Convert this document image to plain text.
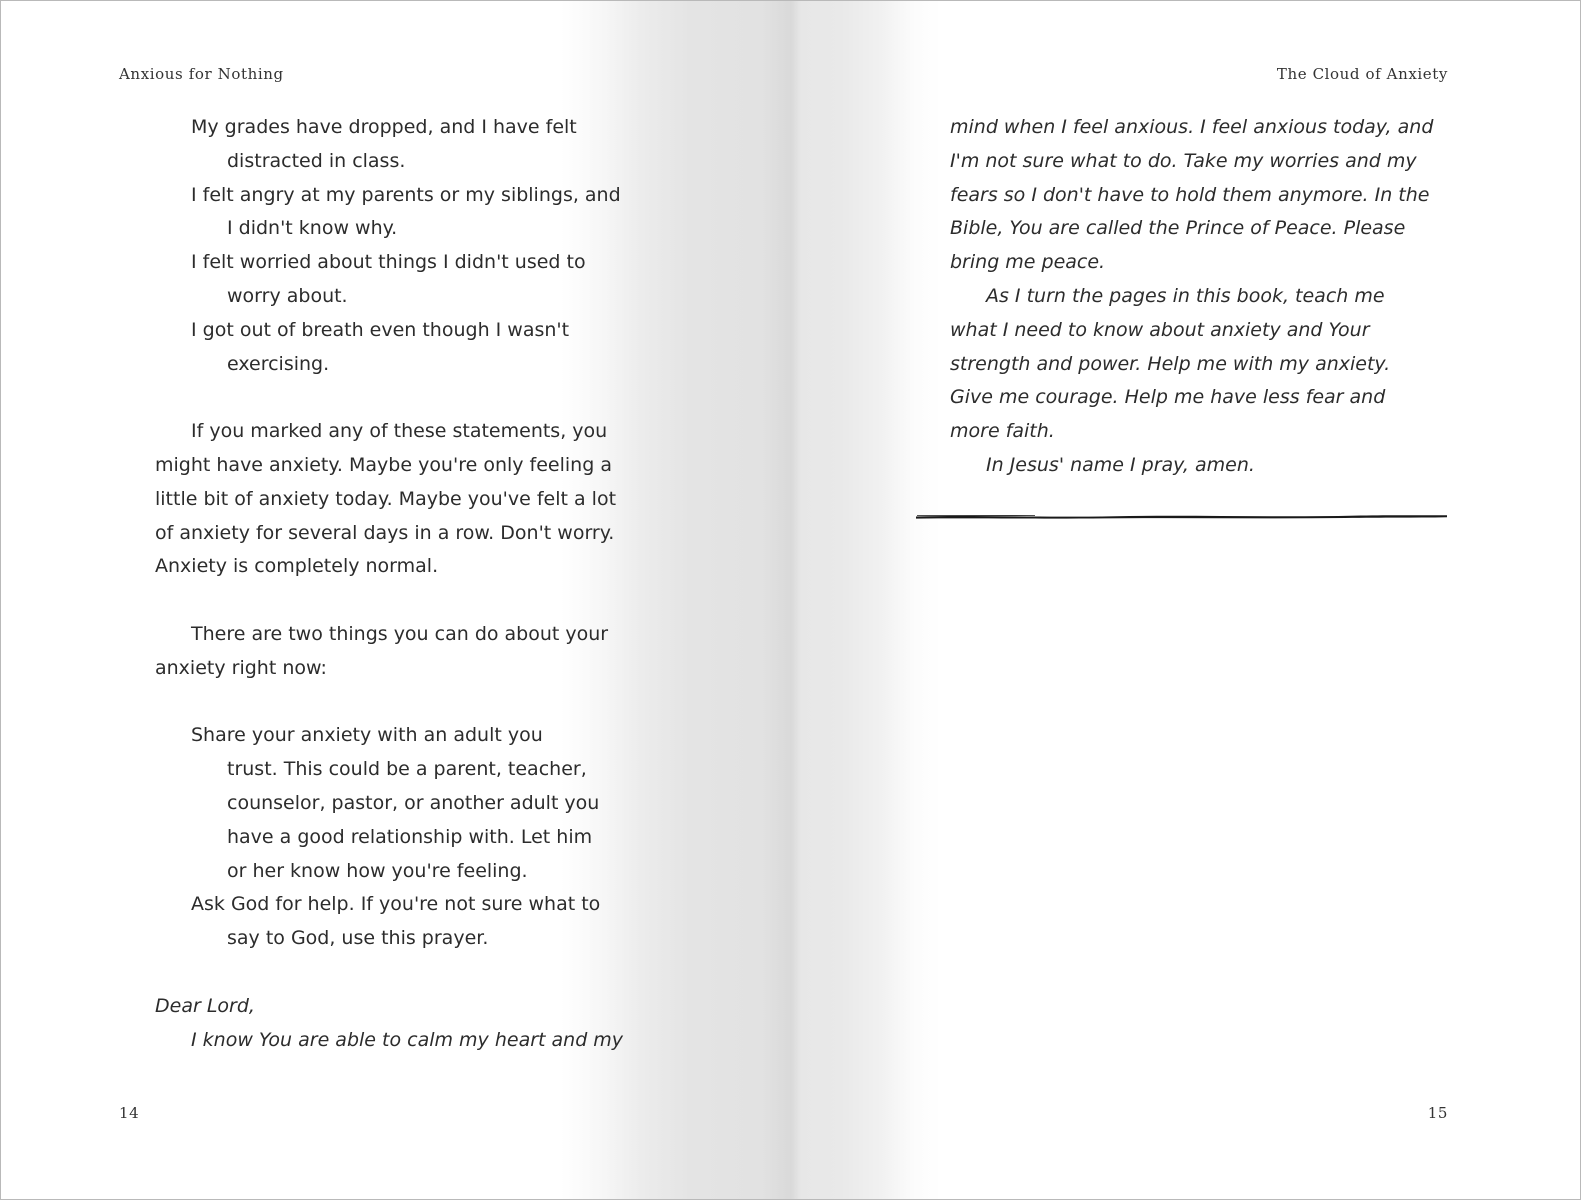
Anxious for Nothing
My grades have dropped, and I have felt
distracted in class.
I felt angry at my parents or my siblings, and
I didn't know why.
I felt worried about things I didn't used to
worry about.
I got out of breath even though I wasn't
exercising.
If you marked any of these statements, you
might have anxiety. Maybe you're only feeling a
little bit of anxiety today. Maybe you've felt a lot
of anxiety for several days in a row. Don't worry.
Anxiety is completely normal.
There are two things you can do about your
anxiety right now:
Share your anxiety with an adult you
trust. This could be a parent, teacher,
counselor, pastor, or another adult you
have a good relationship with. Let him
or her know how you're feeling.
Ask God for help. If you're not sure what to
say to God, use this prayer.
Dear Lord,
I know You are able to calm my heart and my
14
The Cloud of Anxiety
mind when I feel anxious. I feel anxious today, and
I'm not sure what to do. Take my worries and my
fears so I don't have to hold them anymore. In the
Bible, You are called the Prince of Peace. Please
bring me peace.
As I turn the pages in this book, teach me
what I need to know about anxiety and Your
strength and power. Help me with my anxiety.
Give me courage. Help me have less fear and
more faith.
In Jesus' name I pray, amen.
15
